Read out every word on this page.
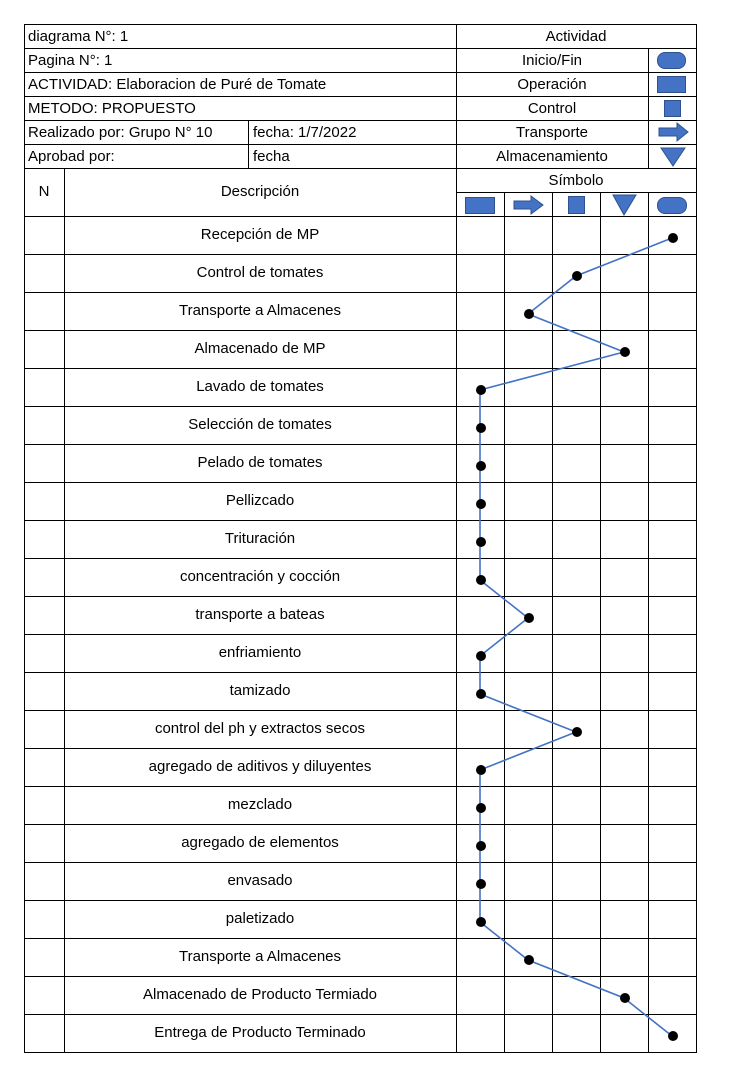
diagrama N°: 1
Pagina N°: 1
ACTIVIDAD: Elaboracion de Puré de Tomate
METODO: PROPUESTO
Realizado por: Grupo N° 10	fecha: 1/7/2022
Aprobad por:	fecha
Actividad
Inicio/Fin
Operación
Control
Transporte
Almacenamiento
N	Descripción
Símbolo
Recepción de MP
Control de tomates
Transporte a Almacenes
Almacenado de MP
Lavado de tomates
Selección de tomates
Pelado de tomates
Pellizcado
Trituración
concentración y cocción
transporte a bateas
enfriamiento
tamizado
control del ph y extractos secos
agregado de aditivos y diluyentes
mezclado
agregado de elementos
envasado
paletizado
Transporte a Almacenes
Almacenado de Producto Termiado
Entrega de Producto Terminado
